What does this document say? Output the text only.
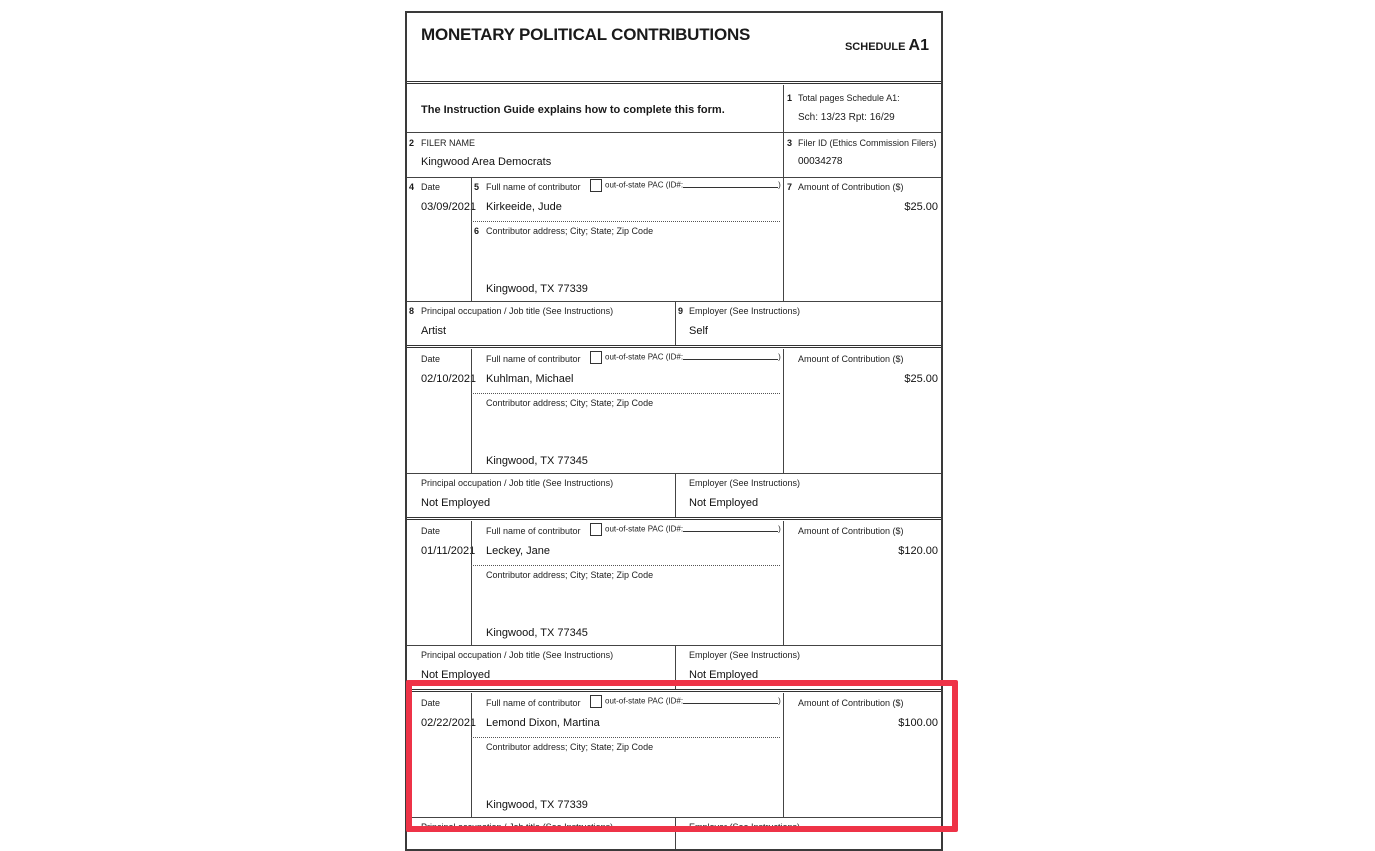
MONETARY POLITICAL CONTRIBUTIONS
SCHEDULE A1
The Instruction Guide explains how to complete this form.
1 Total pages Schedule A1:
Sch: 13/23 Rpt: 16/29
2 FILER NAME
Kingwood Area Democrats
3 Filer ID (Ethics Commission Filers)
00034278
4 Date
03/09/2021
5 Full name of contributor	out-of-state PAC (ID#:	)
Kirkeeide, Jude
6 Contributor address; City; State; Zip Code
Kingwood, TX 77339
7 Amount of Contribution ($)
$25.00
8 Principal occupation / Job title (See Instructions)
Artist
9 Employer (See Instructions)
Self
Date
02/10/2021
Full name of contributor	out-of-state PAC (ID#:	)
Kuhlman, Michael
Contributor address; City; State; Zip Code
Kingwood, TX 77345
Amount of Contribution ($)
$25.00
Principal occupation / Job title (See Instructions)
Not Employed
Employer (See Instructions)
Not Employed
Date
01/11/2021
Full name of contributor	out-of-state PAC (ID#:	)
Leckey, Jane
Contributor address; City; State; Zip Code
Kingwood, TX 77345
Amount of Contribution ($)
$120.00
Principal occupation / Job title (See Instructions)
Not Employed
Employer (See Instructions)
Not Employed
Date
02/22/2021
Full name of contributor	out-of-state PAC (ID#:	)
Lemond Dixon, Martina
Contributor address; City; State; Zip Code
Kingwood, TX 77339
Amount of Contribution ($)
$100.00
Principal occupation / Job title (See Instructions)	Employer (See Instructions)
